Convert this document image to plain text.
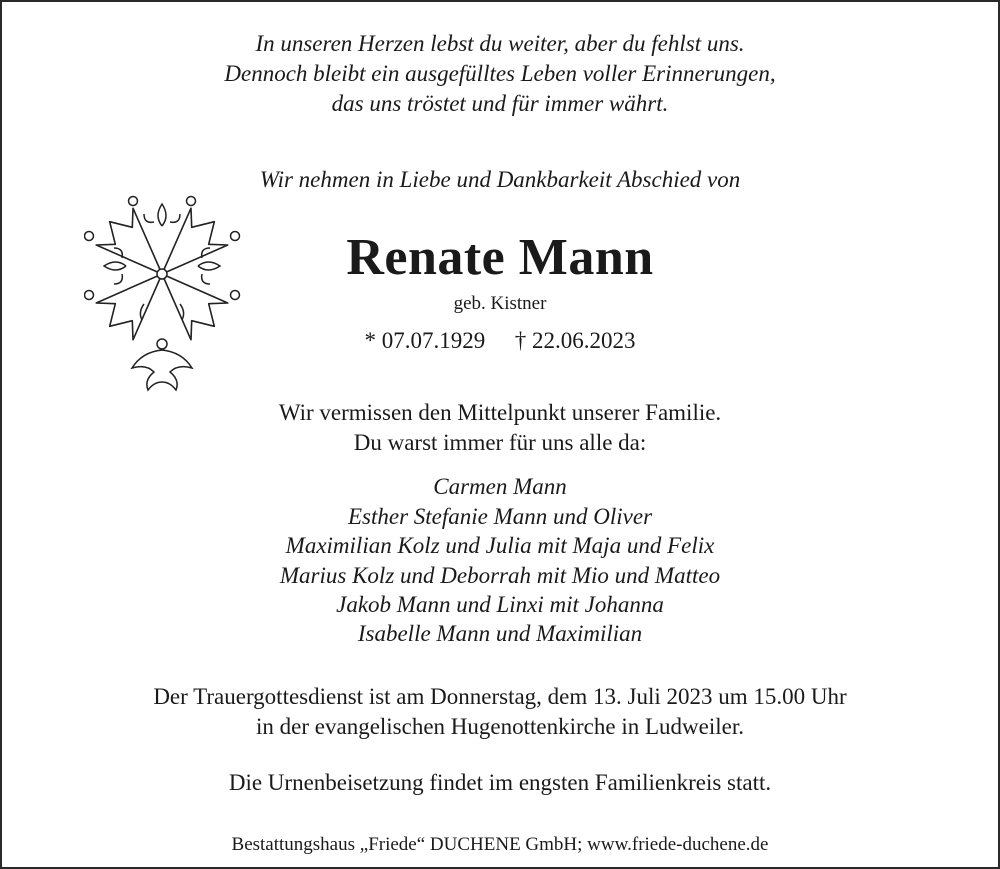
In unseren Herzen lebst du weiter, aber du fehlst uns.
Dennoch bleibt ein ausgefülltes Leben voller Erinnerungen,
das uns tröstet und für immer währt.
Wir nehmen in Liebe und Dankbarkeit Abschied von
Renate Mann
geb. Kistner
* 07.07.1929 † 22.06.2023
Wir vermissen den Mittelpunkt unserer Familie.
Du warst immer für uns alle da:
Carmen Mann
Esther Stefanie Mann und Oliver
Maximilian Kolz und Julia mit Maja und Felix
Marius Kolz und Deborrah mit Mio und Matteo
Jakob Mann und Linxi mit Johanna
Isabelle Mann und Maximilian
Der Trauergottesdienst ist am Donnerstag, dem 13. Juli 2023 um 15.00 Uhr
in der evangelischen Hugenottenkirche in Ludweiler.
Die Urnenbeisetzung findet im engsten Familienkreis statt.
Bestattungshaus „Friede“ DUCHENE GmbH; www.friede-duchene.de
